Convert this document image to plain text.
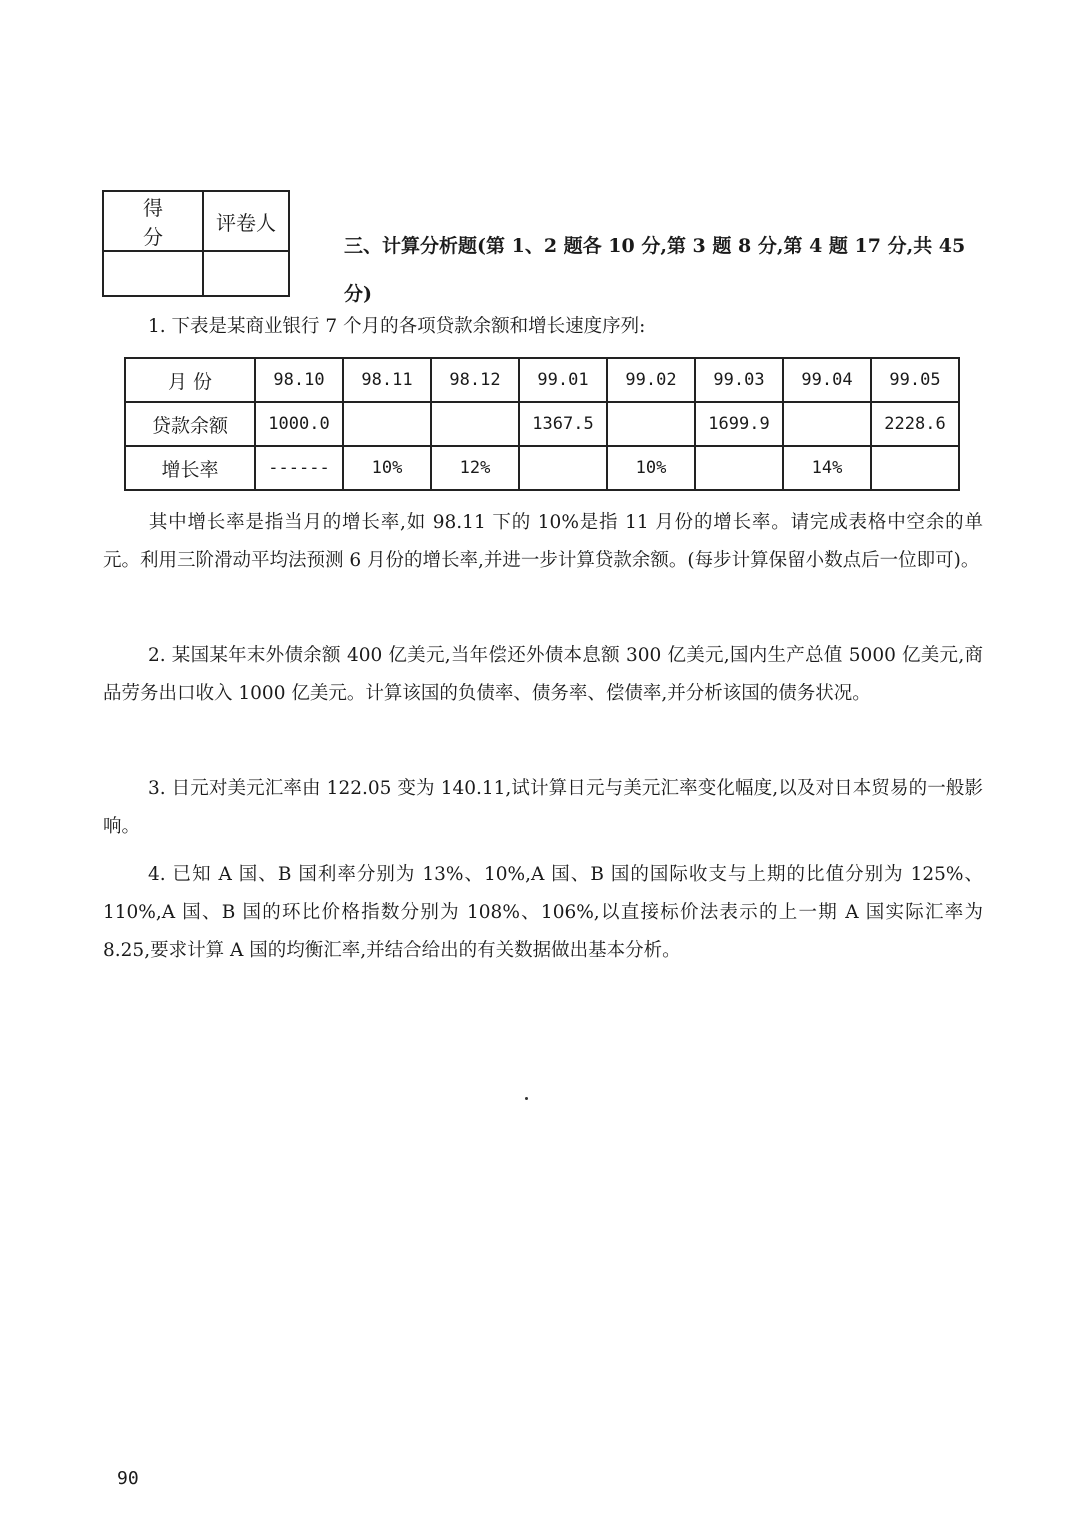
得 分	评卷人

三、计算分析题(第 1、2 题各 10 分,第 3 题 8 分,第 4 题 17 分,共 45 分)
1. 下表是某商业银行 7 个月的各项贷款余额和增长速度序列:
月 份	98.10	98.11	98.12	99.01	99.02	99.03	99.04	99.05
贷款余额	1000.0			1367.5		1699.9		2228.6
增长率	------	10%	12%		10%		14%	
其中增长率是指当月的增长率,如 98.11 下的 10%是指 11 月份的增长率。请完成表格中空余的单元。利用三阶滑动平均法预测 6 月份的增长率,并进一步计算贷款余额。(每步计算保留小数点后一位即可)。
2. 某国某年末外债余额 400 亿美元,当年偿还外债本息额 300 亿美元,国内生产总值 5000 亿美元,商品劳务出口收入 1000 亿美元。计算该国的负债率、债务率、偿债率,并分析该国的债务状况。
3. 日元对美元汇率由 122.05 变为 140.11,试计算日元与美元汇率变化幅度,以及对日本贸易的一般影响。
4. 已知 A 国、B 国利率分别为 13%、10%,A 国、B 国的国际收支与上期的比值分别为 125%、110%,A 国、B 国的环比价格指数分别为 108%、106%,以直接标价法表示的上一期 A 国实际汇率为 8.25,要求计算 A 国的均衡汇率,并结合给出的有关数据做出基本分析。
90
